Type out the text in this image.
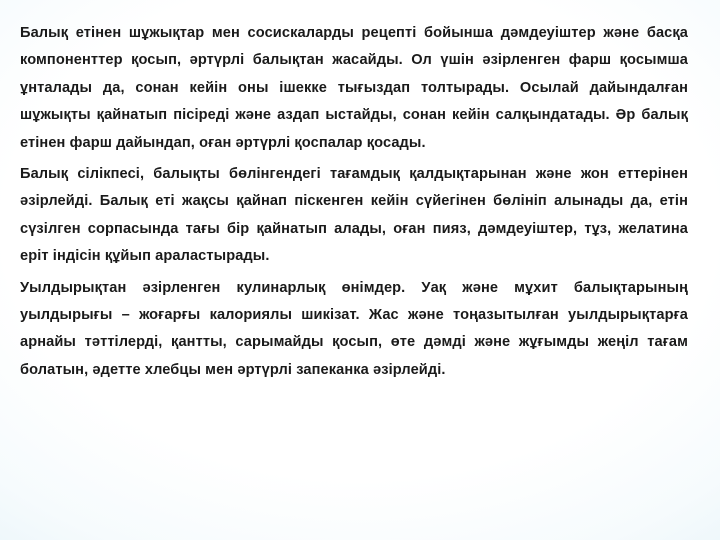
Балық етінен шұжықтар мен сосискаларды рецепті бойынша дәмдеуіштер және басқа компоненттер қосып, әртүрлі балықтан жасайды. Ол үшін әзірленген фарш қосымша ұнталады да, сонан кейін оны ішекке тығыздап толтырады. Осылай дайындалған шұжықты қайнатып пісіреді және аздап ыстайды, сонан кейін салқындатады. Әр балық етінен фарш дайындап, оған әртүрлі қоспалар қосады.

Балық сілікпесі, балықты бөлінгендегі тағамдық қалдықтарынан және жон еттерінен әзірлейді. Балық еті жақсы қайнап піскенген кейін сүйегінен бөлініп алынады да, етін сүзілген сорпасында тағы бір қайнатып алады, оған пияз, дәмдеуіштер, тұз, желатина еріт індісін құйып араластырады.

Уылдырықтан әзірленген кулинарлық өнімдер. Уақ және мұхит балықтарының уылдырығы – жоғарғы калориялы шикізат. Жас және тоңазытылған уылдырықтарға арнайы тәттілерді, қантты, сарымайды қосып, өте дәмді және жұғымды жеңіл тағам болатын, әдетте хлебцы мен әртүрлі запеканка әзірлейді.
